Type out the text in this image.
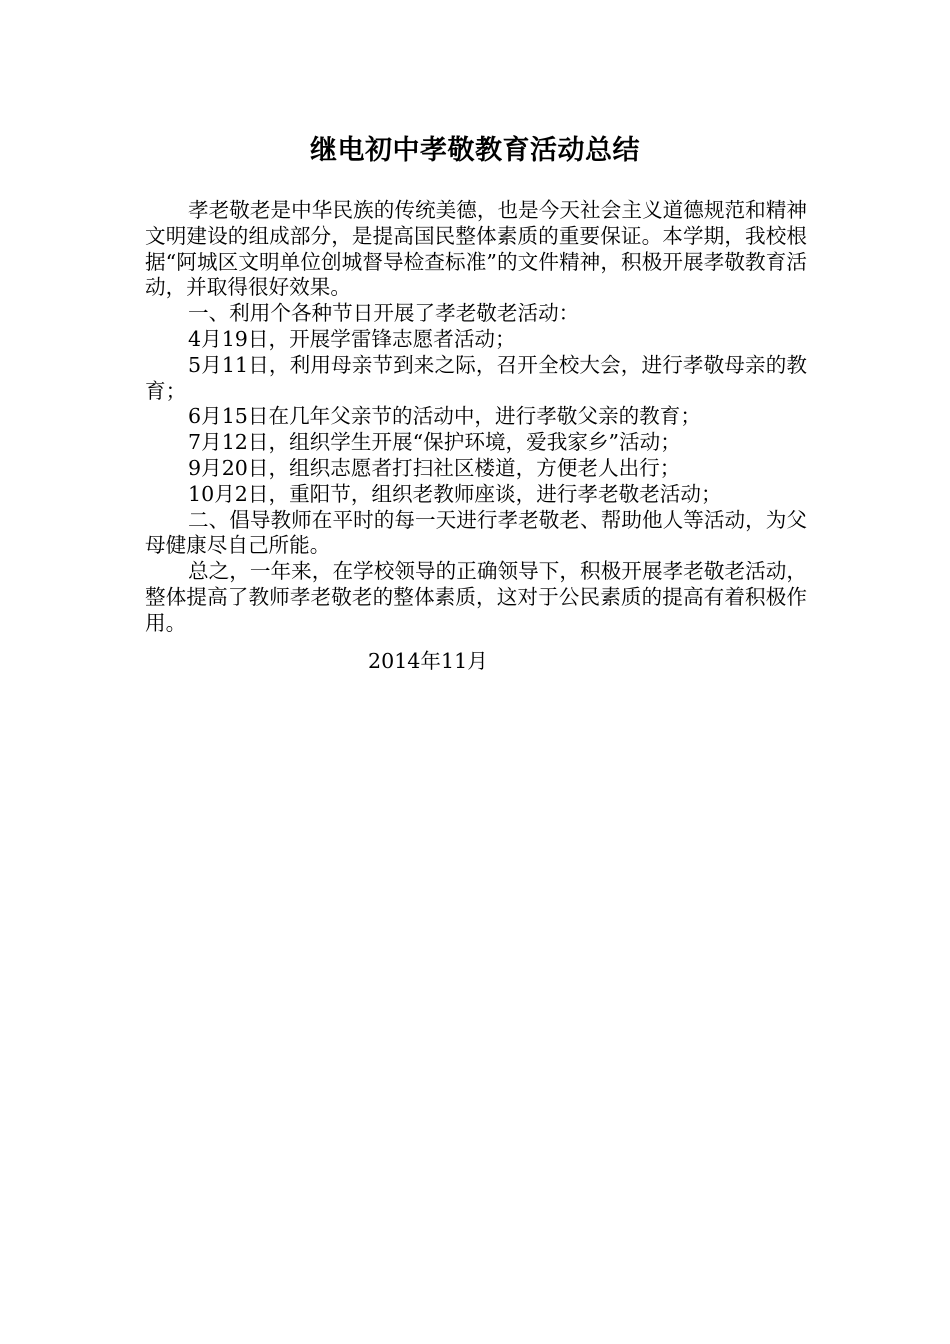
继电初中孝敬教育活动总结

孝老敬老是中华民族的传统美德，也是今天社会主义道德规范和精神文明建设的组成部分，是提高国民整体素质的重要保证。本学期，我校根据“阿城区文明单位创城督导检查标准”的文件精神，积极开展孝敬教育活动，并取得很好效果。

一、利用个各种节日开展了孝老敬老活动：

4月19日，开展学雷锋志愿者活动；

5月11日，利用母亲节到来之际，召开全校大会，进行孝敬母亲的教育；

6月15日在几年父亲节的活动中，进行孝敬父亲的教育；

7月12日，组织学生开展“保护环境，爱我家乡”活动；

9月20日，组织志愿者打扫社区楼道，方便老人出行；

10月2日，重阳节，组织老教师座谈，进行孝老敬老活动；

二、倡导教师在平时的每一天进行孝老敬老、帮助他人等活动，为父母健康尽自己所能。

总之，一年来，在学校领导的正确领导下，积极开展孝老敬老活动，整体提高了教师孝老敬老的整体素质，这对于公民素质的提高有着积极作用。

2014年11月
